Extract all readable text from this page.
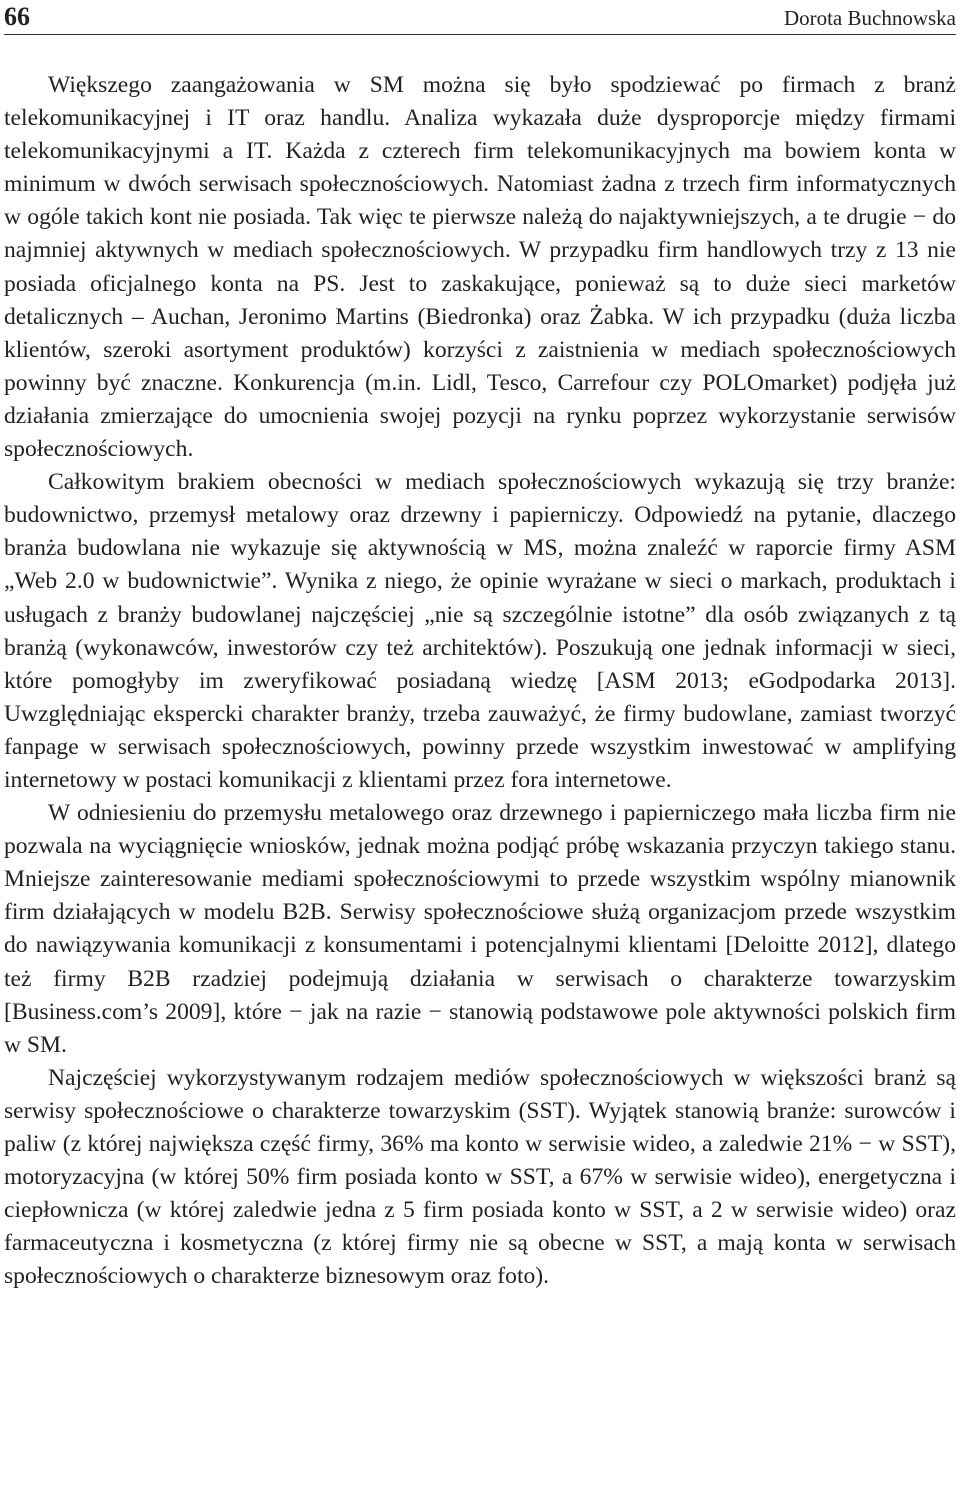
66	Dorota Buchnowska

Większego zaangażowania w SM można się było spodziewać po firmach z branż telekomunikacyjnej i IT oraz handlu. Analiza wykazała duże dysproporcje między firmami telekomunikacyjnymi a IT. Każda z czterech firm telekomunikacyjnych ma bowiem konta w minimum w dwóch serwisach społecznościowych. Natomiast żadna z trzech firm informatycznych w ogóle takich kont nie posiada. Tak więc te pierwsze należą do najaktywniejszych, a te drugie − do najmniej aktywnych w mediach społecznościowych. W przypadku firm handlowych trzy z 13 nie posiada oficjalnego konta na PS. Jest to zaskakujące, ponieważ są to duże sieci marketów detalicznych – Auchan, Jeronimo Martins (Biedronka) oraz Żabka. W ich przypadku (duża liczba klientów, szeroki asortyment produktów) korzyści z zaistnienia w mediach społecznościowych powinny być znaczne. Konkurencja (m.in. Lidl, Tesco, Carrefour czy POLOmarket) podjęła już działania zmierzające do umocnienia swojej pozycji na rynku poprzez wykorzystanie serwisów społecznościowych.

Całkowitym brakiem obecności w mediach społecznościowych wykazują się trzy branże: budownictwo, przemysł metalowy oraz drzewny i papierniczy. Odpowiedź na pytanie, dlaczego branża budowlana nie wykazuje się aktywnością w MS, można znaleźć w raporcie firmy ASM „Web 2.0 w budownictwie”. Wynika z niego, że opinie wyrażane w sieci o markach, produktach i usługach z branży budowlanej najczęściej „nie są szczególnie istotne” dla osób związanych z tą branżą (wykonawców, inwestorów czy też architektów). Poszukują one jednak informacji w sieci, które pomogłyby im zweryfikować posiadaną wiedzę [ASM 2013; eGodpodarka 2013]. Uwzględniając ekspercki charakter branży, trzeba zauważyć, że firmy budowlane, zamiast tworzyć fanpage w serwisach społecznościowych, powinny przede wszystkim inwestować w amplifying internetowy w postaci komunikacji z klientami przez fora internetowe.

W odniesieniu do przemysłu metalowego oraz drzewnego i papierniczego mała liczba firm nie pozwala na wyciągnięcie wniosków, jednak można podjąć próbę wskazania przyczyn takiego stanu. Mniejsze zainteresowanie mediami społecznościowymi to przede wszystkim wspólny mianownik firm działających w modelu B2B. Serwisy społecznościowe służą organizacjom przede wszystkim do nawiązywania komunikacji z konsumentami i potencjalnymi klientami [Deloitte 2012], dlatego też firmy B2B rzadziej podejmują działania w serwisach o charakterze towarzyskim [Business.com’s 2009], które − jak na razie − stanowią podstawowe pole aktywności polskich firm w SM.

Najczęściej wykorzystywanym rodzajem mediów społecznościowych w większości branż są serwisy społecznościowe o charakterze towarzyskim (SST). Wyjątek stanowią branże: surowców i paliw (z której największa część firmy, 36% ma konto w serwisie wideo, a zaledwie 21% − w SST), motoryzacyjna (w której 50% firm posiada konto w SST, a 67% w serwisie wideo), energetyczna i ciepłownicza (w której zaledwie jedna z 5 firm posiada konto w SST, a 2 w serwisie wideo) oraz farmaceutyczna i kosmetyczna (z której firmy nie są obecne w SST, a mają konta w serwisach społecznościowych o charakterze biznesowym oraz foto).
